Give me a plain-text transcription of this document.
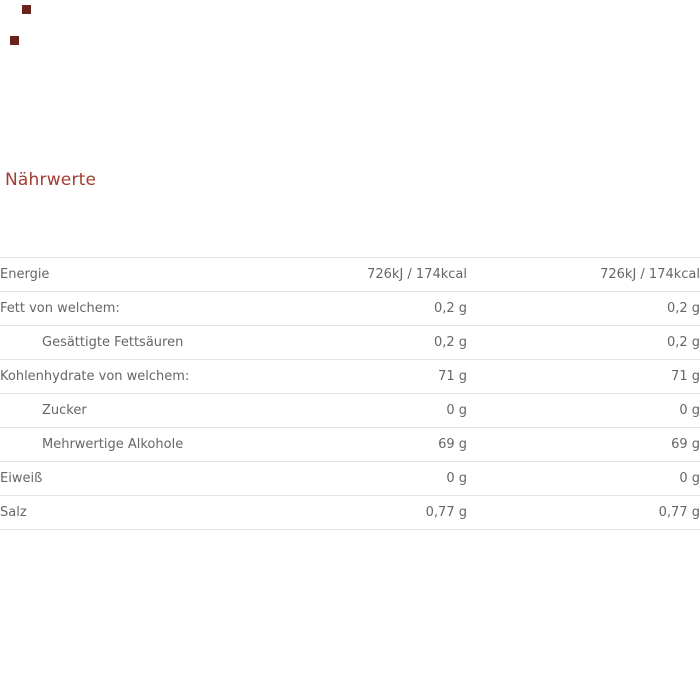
Nährwerte
Energie	726kJ / 174kcal	726kJ / 174kcal
Fett von welchem:	0,2 g	0,2 g
Gesättigte Fettsäuren	0,2 g	0,2 g
Kohlenhydrate von welchem:	71 g	71 g
Zucker	0 g	0 g
Mehrwertige Alkohole	69 g	69 g
Eiweiß	0 g	0 g
Salz	0,77 g	0,77 g
